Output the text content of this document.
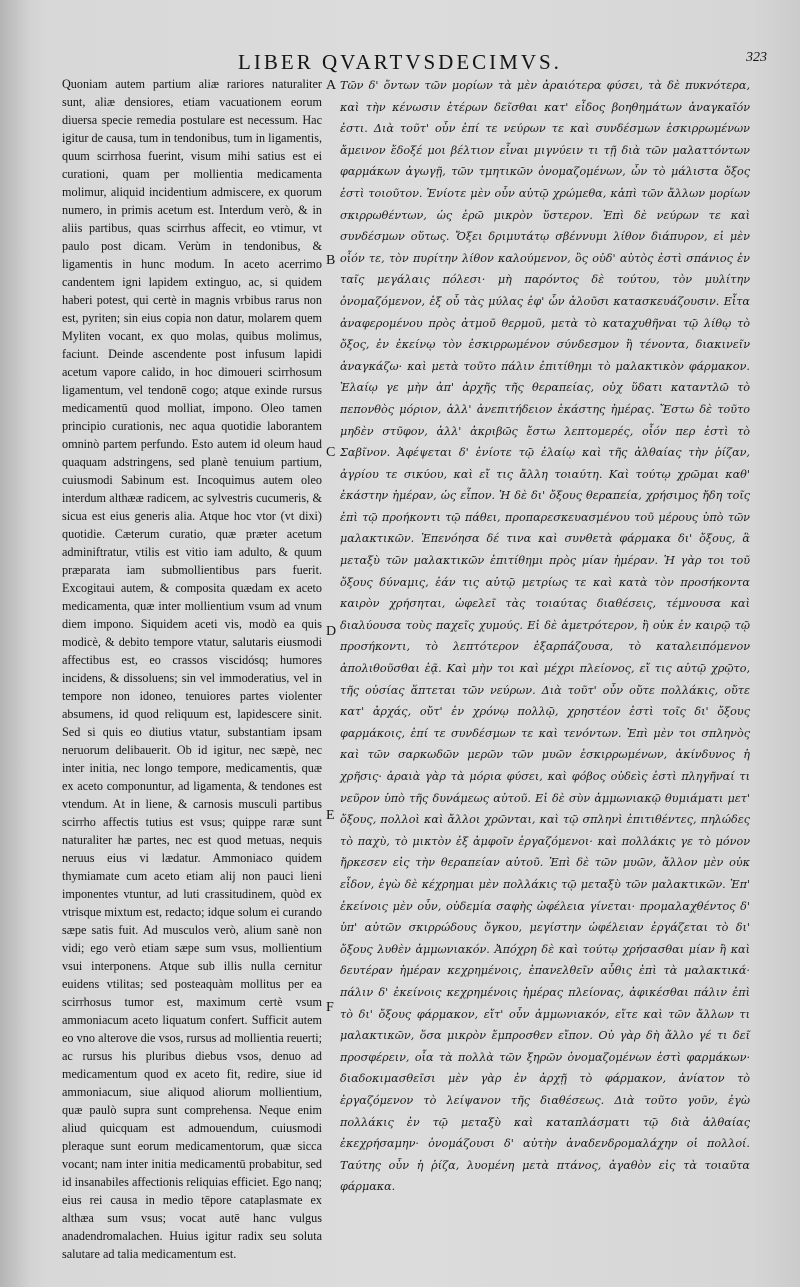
LIBER QVARTVSDECIMVS.	323

Quoniam autem partium aliæ rariores naturaliter sunt, aliæ densiores, etiam vacuationem eorum diuersa specie remedia postulare est necessum. Hac igitur de causa, tum in tendonibus, tum in ligamentis, quum scirrhosa fuerint, visum mihi satius est ei curationi, quam per mollientia medicamenta molimur, aliquid incidentium admiscere, ex quorum numero, in primis acetum est. Interdum verò, & in aliis partibus, quas scirrhus affecit, eo vtimur, vt paulo post dicam. Verùm in tendonibus, & ligamentis in hunc modum. In aceto acerrimo candentem igni lapidem extinguo, ac, si quidem haberi potest, qui certè in magnis vrbibus rarus non est, pyriten; sin eius copia non datur, molarem quem Myliten vocant, ex quo molas, quibus molimus, faciunt. Deinde ascendente post infusum lapidi acetum vapore calido, in hoc dimoueri scirrhosum ligamentum, vel tendonē cogo; atque exinde rursus medicamentū quod molliat, impono. Oleo tamen principio curationis, nec aqua quotidie laborantem omninò partem perfundo. Esto autem id oleum haud quaquam adstringens, sed planè tenuium partium, cuiusmodi Sabinum est. Incoquimus autem oleo interdum althææ radicem, ac sylvestris cucumeris, & sicua est eius generis alia. Atque hoc vtor (vt dixi) quotidie. Cæterum curatio, quæ præter acetum adminiftratur, vtilis est vitio iam adulto, & quum præparata iam submollientibus pars fuerit. Excogitaui autem, & composita quædam ex aceto medicamenta, quæ inter mollientium vsum ad vnum diem impono. Siquidem aceti vis, modò ea quis modicè, & debito tempore vtatur, salutaris eiusmodi affectibus est, eo crassos viscidósq; humores incidens, & dissoluens; sin vel immoderatius, vel in tempore non idoneo, tenuiores partes violenter absumens, id quod reliquum est, lapidescere sinit. Sed si quis eo diutius vtatur, substantiam ipsam neruorum delibauerit. Ob id igitur, nec sæpè, nec inter initia, nec longo tempore, medicamentis, quæ ex aceto componuntur, ad ligamenta, & tendones est vtendum. At in liene, & carnosis musculi partibus scirrho affectis tutius est vsus; quippe raræ sunt naturaliter hæ partes, nec est quod metuas, nequis neruus eius vi lædatur. Ammoniaco quidem thymiamate cum aceto etiam alij non pauci lieni imponentes vtuntur, ad luti crassitudinem, quòd ex vtrisque mixtum est, redacto; idque solum ei curando sæpe satis fuit. Ad musculos verò, alium sanè non vidi; ego verò etiam sæpe sum vsus, mollientium vsui interponens. Atque sub illis nulla cernitur euidens vtilitas; sed posteaquàm mollitus per ea scirrhosus tumor est, maximum certè vsum ammoniacum aceto liquatum confert. Sufficit autem eo vno alterove die vsos, rursus ad mollientia reuerti; ac rursus his pluribus diebus vsos, denuo ad medicamentum quod ex aceto fit, redire, siue id ammoniacum, siue aliquod aliorum mollientium, quæ paulò supra sunt comprehensa. Neque enim aliud quicquam est admouendum, cuiusmodi pleraque sunt eorum medicamentorum, quæ sicca vocant; nam inter initia medicamentū probabitur, sed id insanabiles affectionis reliquias efficiet. Ego nanq; eius rei causa in medio tēpore cataplasmate ex althæa sum vsus; vocat autē hanc vulgus anadendromalachen. Huius igitur radix seu soluta salutare ad talia medicamentum est.

A
B
C
D
E
F

Τῶν δ' ὄντων τῶν μορίων τὰ μὲν ἀραιότερα φύσει, τὰ δὲ πυκνότερα, καὶ τὴν κένωσιν ἑτέρων δεῖσθαι κατ' εἶδος βοηθημάτων ἀναγκαῖόν ἐστι. Διὰ τοῦτ' οὖν ἐπί τε νεύρων τε καὶ συνδέσμων ἐσκιρρωμένων ἄμεινον ἔδοξέ μοι βέλτιον εἶναι μιγνύειν τι τῇ διὰ τῶν μαλαττόντων φαρμάκων ἀγωγῇ, τῶν τμητικῶν ὀνομαζομένων, ὧν τὸ μάλιστα ὄξος ἐστὶ τοιοῦτον. Ἐνίοτε μὲν οὖν αὐτῷ χρώμεθα, κἀπὶ τῶν ἄλλων μορίων σκιρρωθέντων, ὡς ἐρῶ μικρὸν ὕστερον. Ἐπὶ δὲ νεύρων τε καὶ συνδέσμων οὕτως. Ὄξει δριμυτάτῳ σβέννυμι λίθον διάπυρον, εἰ μὲν οἷόν τε, τὸν πυρίτην λίθον καλούμενον, ὃς οὐδ' αὐτὸς ἐστὶ σπάνιος ἐν ταῖς μεγάλαις πόλεσι· μὴ παρόντος δὲ τούτου, τὸν μυλίτην ὀνομαζόμενον, ἐξ οὗ τὰς μύλας ἐφ' ὧν ἀλοῦσι κατασκευάζουσιν. Εἶτα ἀναφερομένου πρὸς ἀτμοῦ θερμοῦ, μετὰ τὸ καταχυθῆναι τῷ λίθῳ τὸ ὄξος, ἐν ἐκείνῳ τὸν ἐσκιρρωμένον σύνδεσμον ἢ τένοντα, διακινεῖν ἀναγκάζω· καὶ μετὰ τοῦτο πάλιν ἐπιτίθημι τὸ μαλακτικὸν φάρμακον. Ἐλαίῳ γε μὴν ἀπ' ἀρχῆς τῆς θεραπείας, οὐχ ὕδατι καταντλῶ τὸ πεπονθὸς μόριον, ἀλλ' ἀνεπιτήδειον ἑκάστης ἡμέρας. Ἔστω δὲ τοῦτο μηδὲν στῦφον, ἀλλ' ἀκριβῶς ἔστω λεπτομερές, οἷόν περ ἐστὶ τὸ Σαβῖνον. Ἀφέψεται δ' ἐνίοτε τῷ ἐλαίῳ καὶ τῆς ἀλθαίας τὴν ῥίζαν, ἀγρίου τε σικύου, καὶ εἴ τις ἄλλη τοιαύτη. Καὶ τούτῳ χρῶμαι καθ' ἑκάστην ἡμέραν, ὡς εἶπον. Ἡ δὲ δι' ὄξους θεραπεία, χρήσιμος ἤδη τοῖς ἐπὶ τῷ προήκοντι τῷ πάθει, προπαρεσκευασμένου τοῦ μέρους ὑπὸ τῶν μαλακτικῶν. Ἐπενόησα δέ τινα καὶ συνθετὰ φάρμακα δι' ὄξους, ἃ μεταξὺ τῶν μαλακτικῶν ἐπιτίθημι πρὸς μίαν ἡμέραν. Ἡ γὰρ τοι τοῦ ὄξους δύναμις, ἐάν τις αὐτῷ μετρίως τε καὶ κατὰ τὸν προσήκοντα καιρὸν χρήσηται, ὠφελεῖ τὰς τοιαύτας διαθέσεις, τέμνουσα καὶ διαλύουσα τοὺς παχεῖς χυμούς. Εἰ δὲ ἀμετρότερον, ἢ οὐκ ἐν καιρῷ τῷ προσήκοντι, τὸ λεπτότερον ἐξαρπάζουσα, τὸ καταλειπόμενον ἀπολιθοῦσθαι ἐᾷ. Καὶ μὴν τοι καὶ μέχρι πλείονος, εἴ τις αὐτῷ χρῷτο, τῆς οὐσίας ἅπτεται τῶν νεύρων. Διὰ τοῦτ' οὖν οὔτε πολλάκις, οὔτε κατ' ἀρχάς, οὔτ' ἐν χρόνῳ πολλῷ, χρηστέον ἐστὶ τοῖς δι' ὄξους φαρμάκοις, ἐπί τε συνδέσμων τε καὶ τενόντων. Ἐπὶ μὲν τοι σπληνὸς καὶ τῶν σαρκωδῶν μερῶν τῶν μυῶν ἐσκιρρωμένων, ἀκίνδυνος ἡ χρῆσις· ἀραιὰ γὰρ τὰ μόρια φύσει, καὶ φόβος οὐδεὶς ἐστὶ πληγῆναί τι νεῦρον ὑπὸ τῆς δυνάμεως αὐτοῦ. Εἰ δὲ σὺν ἀμμωνιακῷ θυμιάματι μετ' ὄξους, πολλοὶ καὶ ἄλλοι χρῶνται, καὶ τῷ σπληνὶ ἐπιτιθέντες, πηλώδες τὸ παχὺ, τὸ μικτὸν ἐξ ἀμφοῖν ἐργαζόμενοι· καὶ πολλάκις γε τὸ μόνον ἤρκεσεν εἰς τὴν θεραπείαν αὐτοῦ. Ἐπὶ δὲ τῶν μυῶν, ἄλλον μὲν οὐκ εἶδον, ἐγὼ δὲ κέχρημαι μὲν πολλάκις τῷ μεταξὺ τῶν μαλακτικῶν. Ἐπ' ἐκείνοις μὲν οὖν, οὐδεμία σαφὴς ὠφέλεια γίνεται· προμαλαχθέντος δ' ὑπ' αὐτῶν σκιρρώδους ὄγκου, μεγίστην ὠφέλειαν ἐργάζεται τὸ δι' ὄξους λυθὲν ἀμμωνιακόν. Ἀπόχρη δὲ καὶ τούτῳ χρήσασθαι μίαν ἢ καὶ δευτέραν ἡμέραν κεχρημένοις, ἐπανελθεῖν αὖθις ἐπὶ τὰ μαλακτικά· πάλιν δ' ἐκείνοις κεχρημένοις ἡμέρας πλείονας, ἀφικέσθαι πάλιν ἐπὶ τὸ δι' ὄξους φάρμακον, εἴτ' οὖν ἀμμωνιακόν, εἴτε καὶ τῶν ἄλλων τι μαλακτικῶν, ὅσα μικρὸν ἔμπροσθεν εἴπον. Οὐ γὰρ δὴ ἄλλο γέ τι δεῖ προσφέρειν, οἷα τὰ πολλὰ τῶν ξηρῶν ὀνομαζομένων ἐστὶ φαρμάκων· διαδοκιμασθεῖσι μὲν γὰρ ἐν ἀρχῇ τὸ φάρμακον, ἀνίατον τὸ ἐργαζόμενον τὸ λείψανον τῆς διαθέσεως. Διὰ τοῦτο γοῦν, ἐγὼ πολλάκις ἐν τῷ μεταξὺ καὶ καταπλάσματι τῷ διὰ ἀλθαίας ἐκεχρήσαμην· ὀνομάζουσι δ' αὐτὴν ἀναδενδρομαλάχην οἱ πολλοί. Ταύτης οὖν ἡ ῥίζα, λυομένη μετὰ πτάνος, ἀγαθὸν εἰς τὰ τοιαῦτα φάρμακα.
